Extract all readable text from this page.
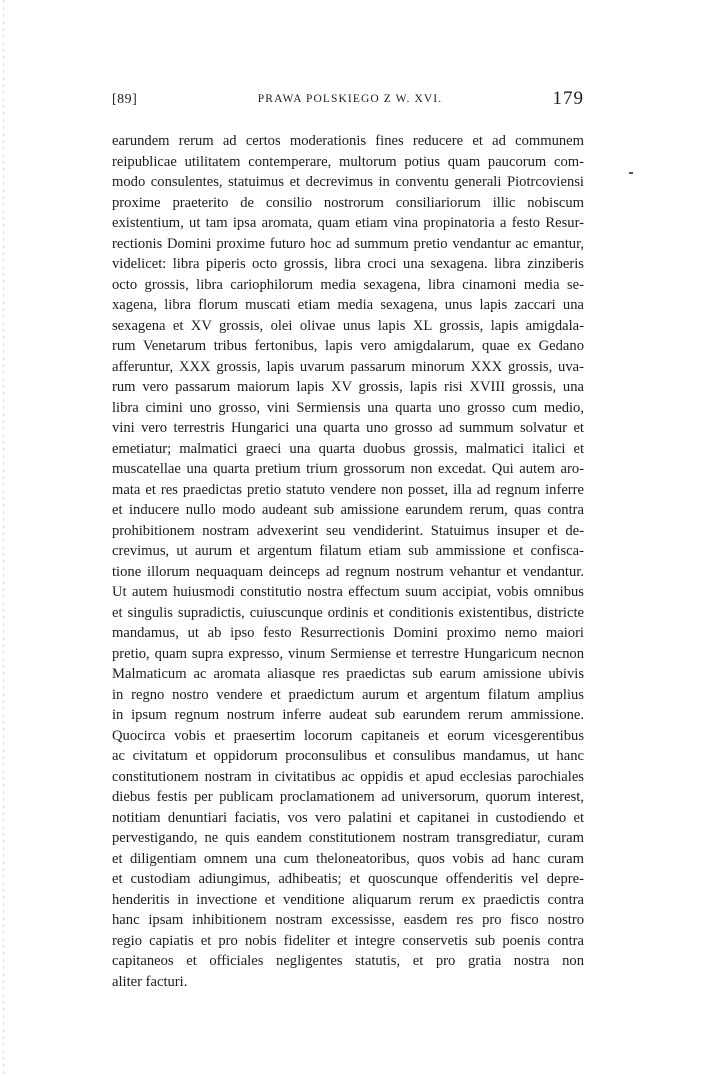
[89]	PRAWA POLSKIEGO Z W. XVI.	179
earundem rerum ad certos moderationis fines reducere et ad communem
reipublicae utilitatem contemperare, multorum potius quam paucorum com-
modo consulentes, statuimus et decrevimus in conventu generali Piotrcoviensi
proxime praeterito de consilio nostrorum consiliariorum illic nobiscum
existentium, ut tam ipsa aromata, quam etiam vina propinatoria a festo Resur-
rectionis Domini proxime futuro hoc ad summum pretio vendantur ac emantur,
videlicet: libra piperis octo grossis, libra croci una sexagena. libra zinziberis
octo grossis, libra cariophilorum media sexagena, libra cinamoni media se-
xagena, libra florum muscati etiam media sexagena, unus lapis zaccari una
sexagena et XV grossis, olei olivae unus lapis XL grossis, lapis amigdala-
rum Venetarum tribus fertonibus, lapis vero amigdalarum, quae ex Gedano
afferuntur, XXX grossis, lapis uvarum passarum minorum XXX grossis, uva-
rum vero passarum maiorum lapis XV grossis, lapis risi XVIII grossis, una
libra cimini uno grosso, vini Sermiensis una quarta uno grosso cum medio,
vini vero terrestris Hungarici una quarta uno grosso ad summum solvatur et
emetiatur; malmatici graeci una quarta duobus grossis, malmatici italici et
muscatellae una quarta pretium trium grossorum non excedat. Qui autem aro-
mata et res praedictas pretio statuto vendere non posset, illa ad regnum inferre
et inducere nullo modo audeant sub amissione earundem rerum, quas contra
prohibitionem nostram advexerint seu vendiderint. Statuimus insuper et de-
crevimus, ut aurum et argentum filatum etiam sub ammissione et confisca-
tione illorum nequaquam deinceps ad regnum nostrum vehantur et vendantur.
Ut autem huiusmodi constitutio nostra effectum suum accipiat, vobis omnibus
et singulis supradictis, cuiuscunque ordinis et conditionis existentibus, districte
mandamus, ut ab ipso festo Resurrectionis Domini proximo nemo maiori
pretio, quam supra expresso, vinum Sermiense et terrestre Hungaricum necnon
Malmaticum ac aromata aliasque res praedictas sub earum amissione ubivis
in regno nostro vendere et praedictum aurum et argentum filatum amplius
in ipsum regnum nostrum inferre audeat sub earundem rerum ammissione.
Quocirca vobis et praesertim locorum capitaneis et eorum vicesgerentibus
ac civitatum et oppidorum proconsulibus et consulibus mandamus, ut hanc
constitutionem nostram in civitatibus ac oppidis et apud ecclesias parochiales
diebus festis per publicam proclamationem ad universorum, quorum interest,
notitiam denuntiari faciatis, vos vero palatini et capitanei in custodiendo et
pervestigando, ne quis eandem constitutionem nostram transgrediatur, curam
et diligentiam omnem una cum theloneatoribus, quos vobis ad hanc curam
et custodiam adiungimus, adhibeatis; et quoscunque offenderitis vel depre-
henderitis in invectione et venditione aliquarum rerum ex praedictis contra
hanc ipsam inhibitionem nostram excessisse, easdem res pro fisco nostro
regio capiatis et pro nobis fideliter et integre conservetis sub poenis contra
capitaneos et officiales negligentes statutis, et pro gratia nostra non
aliter facturi.
